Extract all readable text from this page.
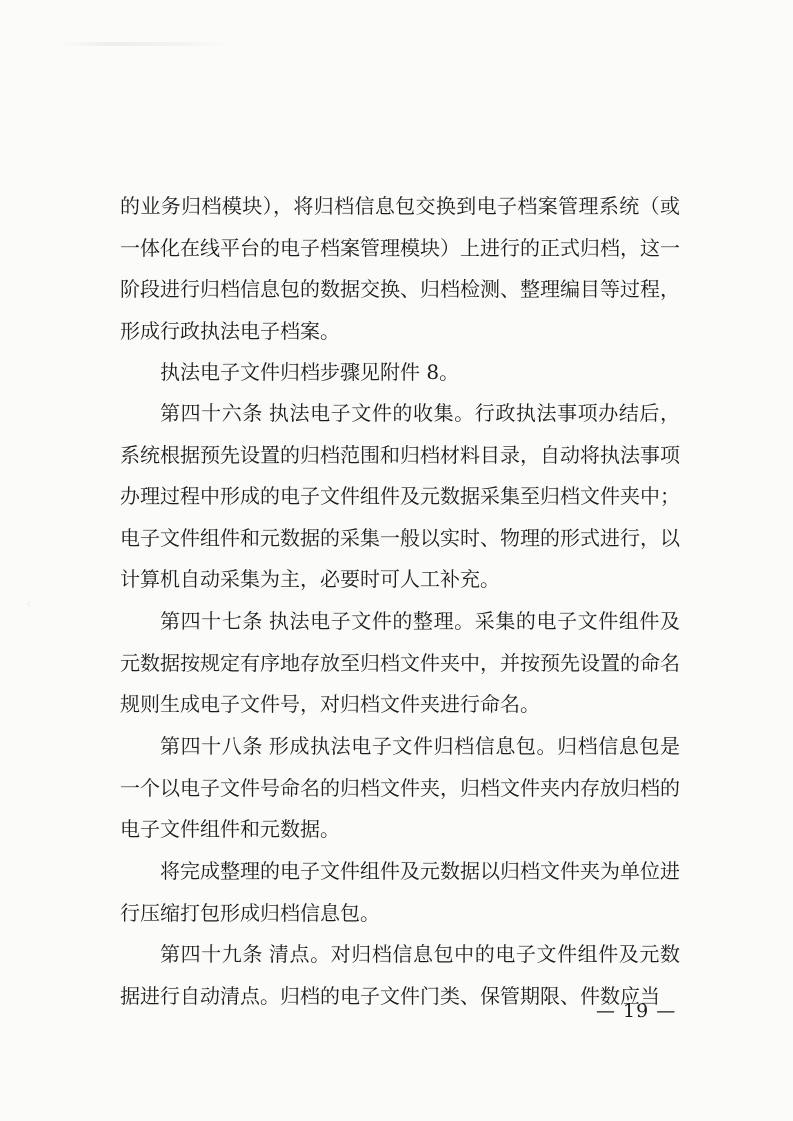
⁖

的业务归档模块），将归档信息包交换到电子档案管理系统（或一体化在线平台的电子档案管理模块）上进行的正式归档，这一阶段进行归档信息包的数据交换、归档检测、整理编目等过程，形成行政执法电子档案。

执法电子文件归档步骤见附件 8。

第四十六条 执法电子文件的收集。行政执法事项办结后，系统根据预先设置的归档范围和归档材料目录，自动将执法事项办理过程中形成的电子文件组件及元数据采集至归档文件夹中；电子文件组件和元数据的采集一般以实时、物理的形式进行，以计算机自动采集为主，必要时可人工补充。

第四十七条 执法电子文件的整理。采集的电子文件组件及元数据按规定有序地存放至归档文件夹中，并按预先设置的命名规则生成电子文件号，对归档文件夹进行命名。

第四十八条 形成执法电子文件归档信息包。归档信息包是一个以电子文件号命名的归档文件夹，归档文件夹内存放归档的电子文件组件和元数据。

将完成整理的电子文件组件及元数据以归档文件夹为单位进行压缩打包形成归档信息包。

第四十九条 清点。对归档信息包中的电子文件组件及元数据进行自动清点。归档的电子文件门类、保管期限、件数应当

— 19 —
